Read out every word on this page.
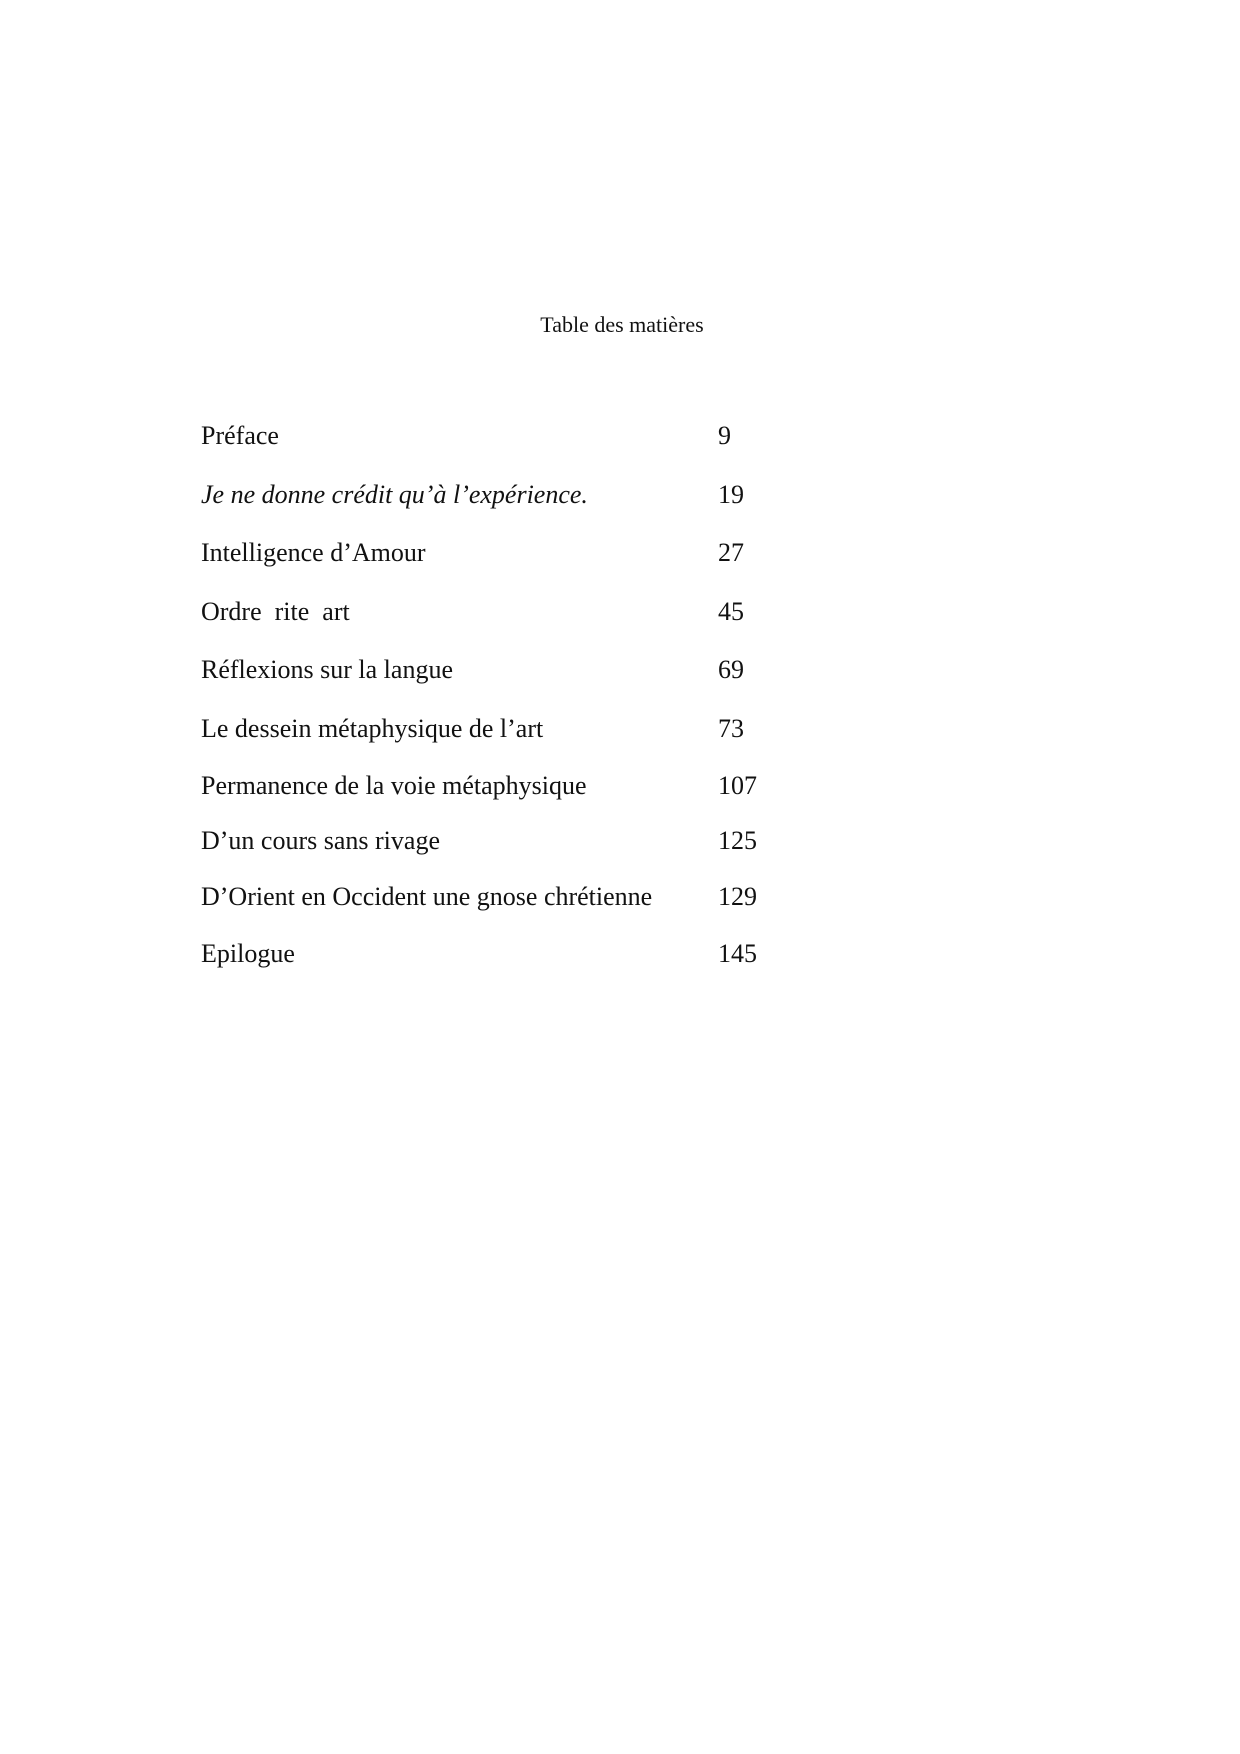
Table des matières
Préface	9
Je ne donne crédit qu’à l’expérience.	19
Intelligence d’Amour	27
Ordre  rite  art	45
Réflexions sur la langue	69
Le dessein métaphysique de l’art	73
Permanence de la voie métaphysique	107
D’un cours sans rivage	125
D’Orient en Occident une gnose chrétienne	129
Epilogue	145
